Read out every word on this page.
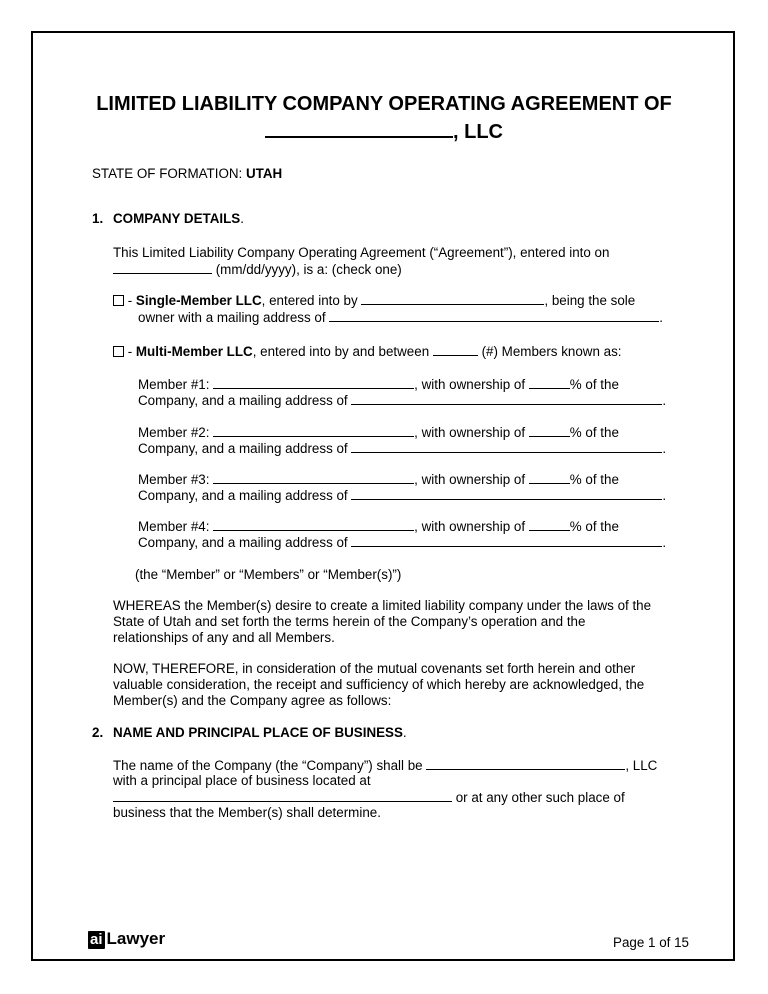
LIMITED LIABILITY COMPANY OPERATING AGREEMENT OF
, LLC
STATE OF FORMATION: UTAH
1. COMPANY DETAILS.
This Limited Liability Company Operating Agreement (“Agreement”), entered into on
(mm/dd/yyyy), is a: (check one)
- Single-Member LLC, entered into by	, being the sole
owner with a mailing address of	.
- Multi-Member LLC, entered into by and between	(#) Members known as:
Member #1:	, with ownership of	% of the
Company, and a mailing address of	.
Member #2:	, with ownership of	% of the
Company, and a mailing address of	.
Member #3:	, with ownership of	% of the
Company, and a mailing address of	.
Member #4:	, with ownership of	% of the
Company, and a mailing address of	.
(the “Member” or “Members” or “Member(s)”)
WHEREAS the Member(s) desire to create a limited liability company under the laws of the
State of Utah and set forth the terms herein of the Company’s operation and the
relationships of any and all Members.
NOW, THEREFORE, in consideration of the mutual covenants set forth herein and other
valuable consideration, the receipt and sufficiency of which hereby are acknowledged, the
Member(s) and the Company agree as follows:
2. NAME AND PRINCIPAL PLACE OF BUSINESS.
The name of the Company (the “Company”) shall be	, LLC
with a principal place of business located at
or at any other such place of
business that the Member(s) shall determine.
ai Lawyer	Page 1 of 15
